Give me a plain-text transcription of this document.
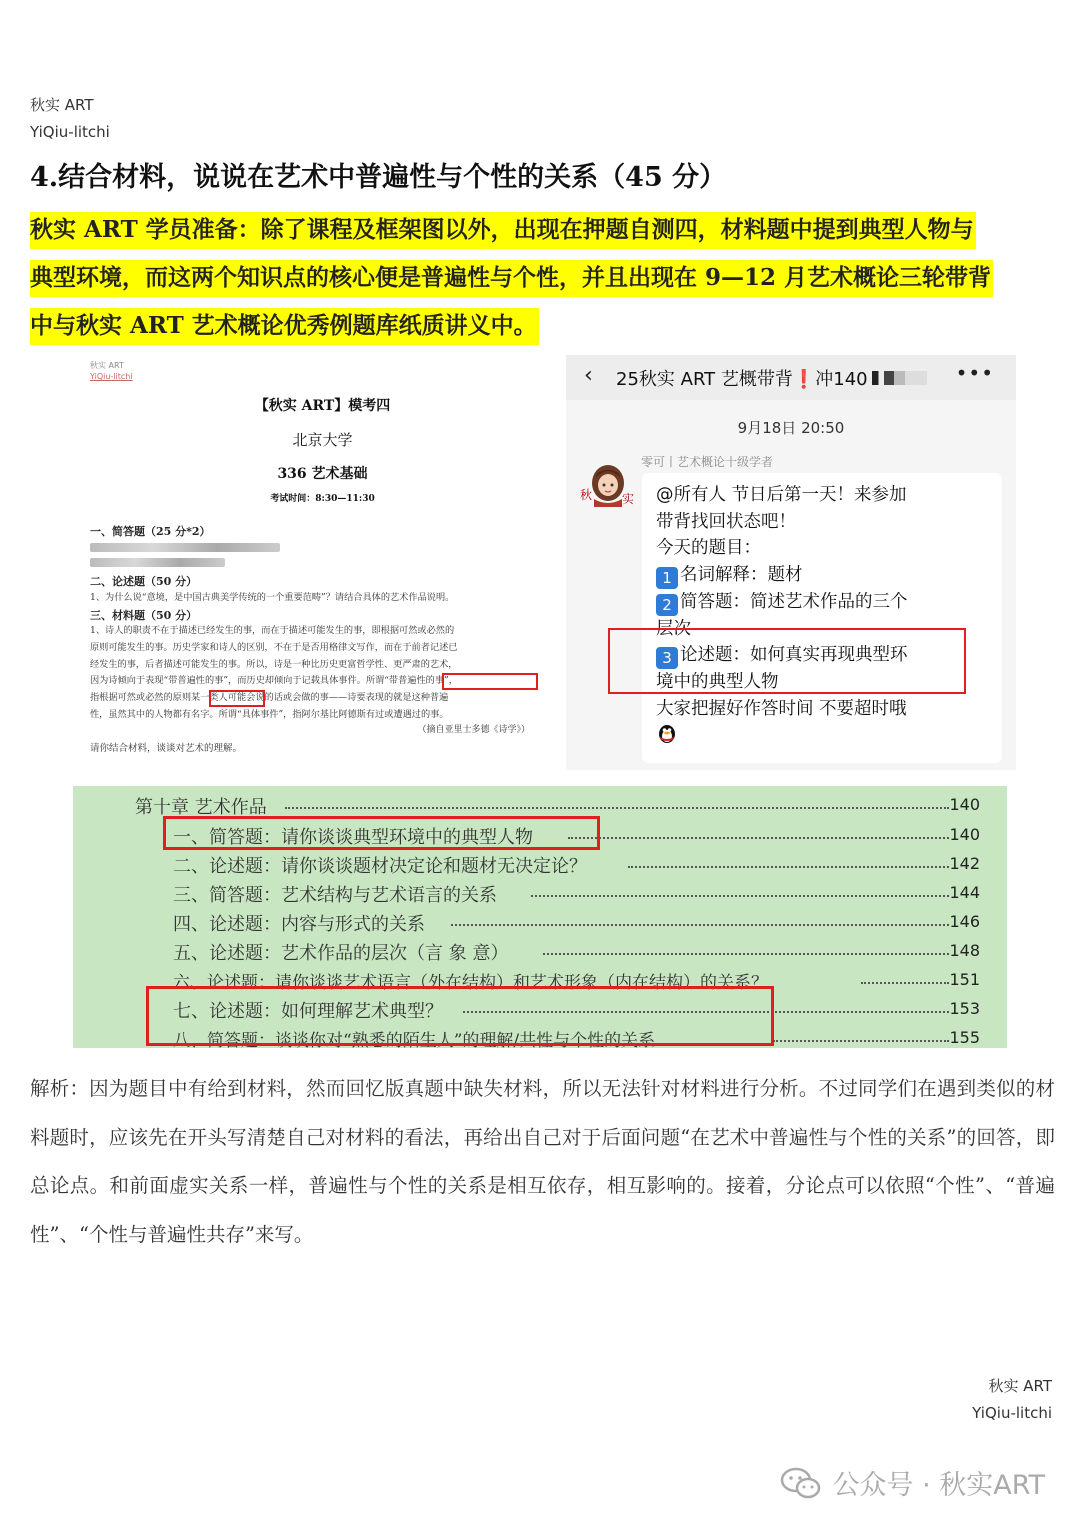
秋实 ART
YiQiu-litchi
4.结合材料，说说在艺术中普遍性与个性的关系（45 分）
秋实 ART 学员准备：除了课程及框架图以外，出现在押题自测四，材料题中提到典型人物与
典型环境，而这两个知识点的核心便是普遍性与个性，并且出现在 9—12 月艺术概论三轮带背
中与秋实 ART 艺术概论优秀例题库纸质讲义中。
秋实 ART
YiQiu-litchi
【秋实 ART】模考四
北京大学
336 艺术基础
考试时间：8:30—11:30
一、简答题（25 分*2）
二、论述题（50 分）
1、为什么说“意境，是中国古典美学传统的一个重要范畴”？请结合具体的艺术作品说明。
三、材料题（50 分）
1、诗人的职责不在于描述已经发生的事，而在于描述可能发生的事，即根据可然或必然的
原则可能发生的事。历史学家和诗人的区别，不在于是否用格律文写作，而在于前者记述已
经发生的事，后者描述可能发生的事。所以，诗是一种比历史更富哲学性、更严肃的艺术，
因为诗倾向于表现“带普遍性的事”，而历史却倾向于记载具体事件。所谓“带普遍性的事”，
指根据可然或必然的原则某一类人可能会说的话或会做的事——诗要表现的就是这种普遍
性，虽然其中的人物都有名字。所谓“具体事件”，指阿尔基比阿德斯有过或遭遇过的事。
（摘自亚里士多德《诗学》）
请你结合材料，谈谈对艺术的理解。
‹ 25秋实 ART 艺概带背❗冲140	•••
9月18日 20:50
零可丨艺术概论十级学者
秋 实 @所有人 节日后第一天！来参加
带背找回状态吧！
今天的题目：
1 名词解释：题材
2 简答题：简述艺术作品的三个
层次
3 论述题：如何真实再现典型环
境中的典型人物
大家把握好作答时间 不要超时哦
第十章 艺术作品	140
一、简答题：请你谈谈典型环境中的典型人物	140
二、论述题：请你谈谈题材决定论和题材无决定论？	142
三、简答题：艺术结构与艺术语言的关系	144
四、论述题：内容与形式的关系	146
五、论述题：艺术作品的层次（言 象 意）	148
六、论述题：请你谈谈艺术语言（外在结构）和艺术形象（内在结构）的关系？	151
七、论述题：如何理解艺术典型？	153
八、简答题：谈谈你对“熟悉的陌生人”的理解/共性与个性的关系	155
解析：因为题目中有给到材料，然而回忆版真题中缺失材料，所以无法针对材料进行分析。不过同学们在遇到类似的材料题时，应该先在开头写清楚自己对材料的看法，再给出自己对于后面问题“在艺术中普遍性与个性的关系”的回答，即总论点。和前面虚实关系一样，普遍性与个性的关系是相互依存，相互影响的。接着，分论点可以依照“个性”、“普遍性”、“个性与普遍性共存”来写。
秋实 ART
YiQiu-litchi
公众号 · 秋实ART
